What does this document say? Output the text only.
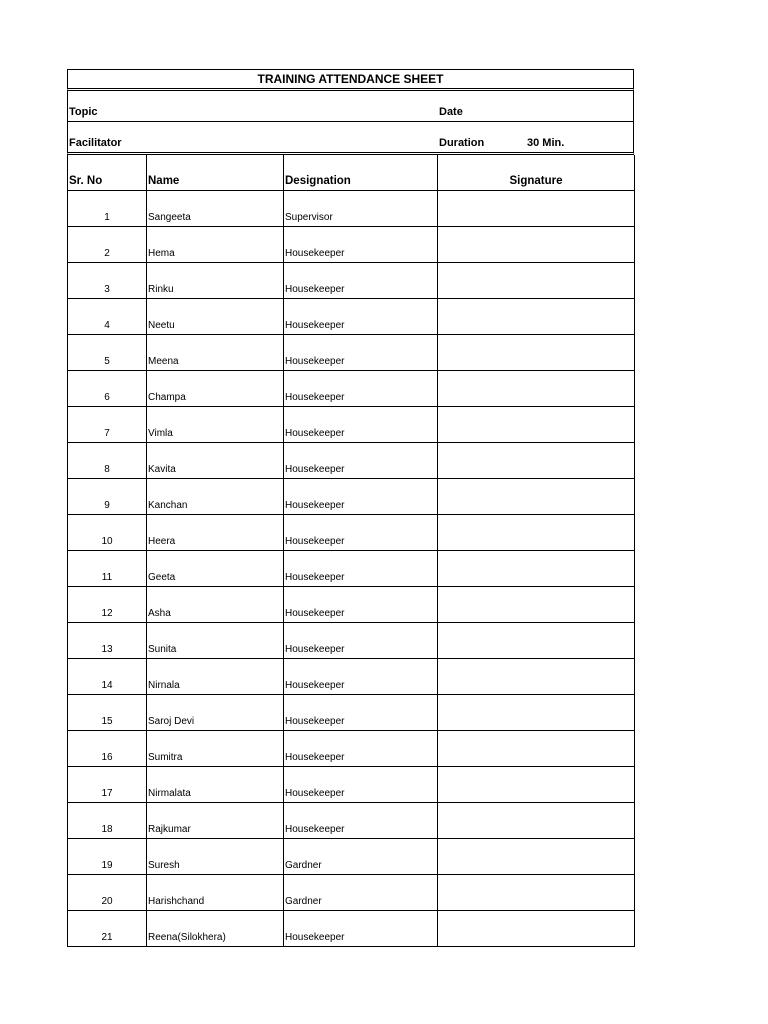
TRAINING ATTENDANCE SHEET
Topic	Date
Facilitator	Duration	30 Min.
Sr. No	Name	Designation	Signature
1	Sangeeta	Supervisor	
2	Hema	Housekeeper	
3	Rinku	Housekeeper	
4	Neetu	Housekeeper	
5	Meena	Housekeeper	
6	Champa	Housekeeper	
7	Vimla	Housekeeper	
8	Kavita	Housekeeper	
9	Kanchan	Housekeeper	
10	Heera	Housekeeper	
11	Geeta	Housekeeper	
12	Asha	Housekeeper	
13	Sunita	Housekeeper	
14	Nirnala	Housekeeper	
15	Saroj Devi	Housekeeper	
16	Sumitra	Housekeeper	
17	Nirmalata	Housekeeper	
18	Rajkumar	Housekeeper	
19	Suresh	Gardner	
20	Harishchand	Gardner	
21	Reena(Silokhera)	Housekeeper	
